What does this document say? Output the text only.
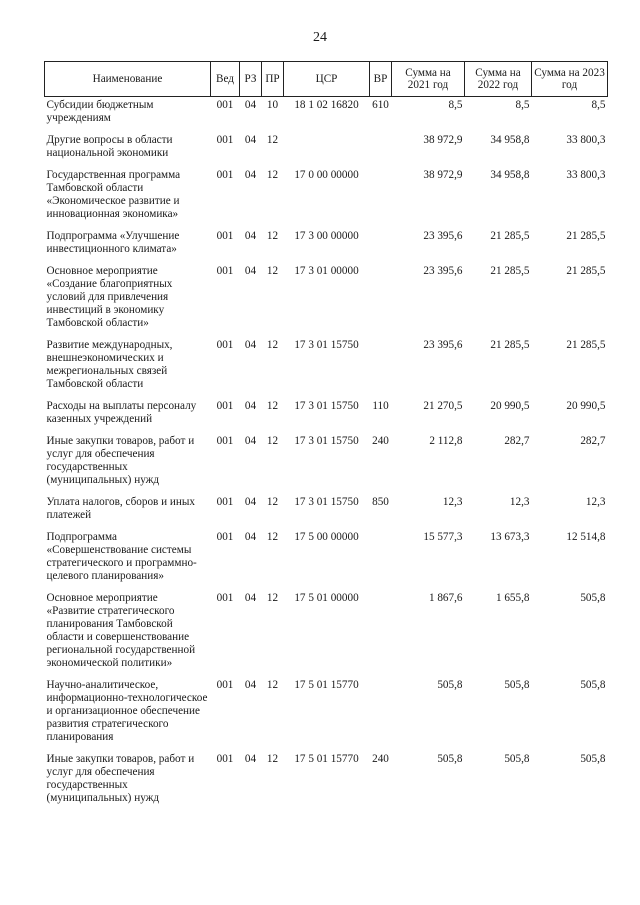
24
Наименование	Вед	РЗ	ПР	ЦСР	ВР	Сумма на 2021 год	Сумма на 2022 год	Сумма на 2023 год
Субсидии бюджетным учреждениям	001	04	10	18 1 02 16820	610	8,5	8,5	8,5
Другие вопросы в области национальной экономики	001	04	12			38 972,9	34 958,8	33 800,3
Государственная программа Тамбовской области «Экономическое развитие и инновационная экономика»	001	04	12	17 0 00 00000		38 972,9	34 958,8	33 800,3
Подпрограмма «Улучшение инвестиционного климата»	001	04	12	17 3 00 00000		23 395,6	21 285,5	21 285,5
Основное мероприятие «Создание благоприятных условий для привлечения инвестиций в экономику Тамбовской области»	001	04	12	17 3 01 00000		23 395,6	21 285,5	21 285,5
Развитие международных, внешнеэкономических и межрегиональных связей Тамбовской области	001	04	12	17 3 01 15750		23 395,6	21 285,5	21 285,5
Расходы на выплаты персоналу казенных учреждений	001	04	12	17 3 01 15750	110	21 270,5	20 990,5	20 990,5
Иные закупки товаров, работ и услуг для обеспечения государственных (муниципальных) нужд	001	04	12	17 3 01 15750	240	2 112,8	282,7	282,7
Уплата налогов, сборов и иных платежей	001	04	12	17 3 01 15750	850	12,3	12,3	12,3
Подпрограмма «Совершенствование системы стратегического и программно-целевого планирования»	001	04	12	17 5 00 00000		15 577,3	13 673,3	12 514,8
Основное мероприятие «Развитие стратегического планирования Тамбовской области и совершенствование региональной государственной экономической политики»	001	04	12	17 5 01 00000		1 867,6	1 655,8	505,8
Научно-аналитическое, информационно-технологическое и организационное обеспечение развития стратегического планирования	001	04	12	17 5 01 15770		505,8	505,8	505,8
Иные закупки товаров, работ и услуг для обеспечения государственных (муниципальных) нужд	001	04	12	17 5 01 15770	240	505,8	505,8	505,8
